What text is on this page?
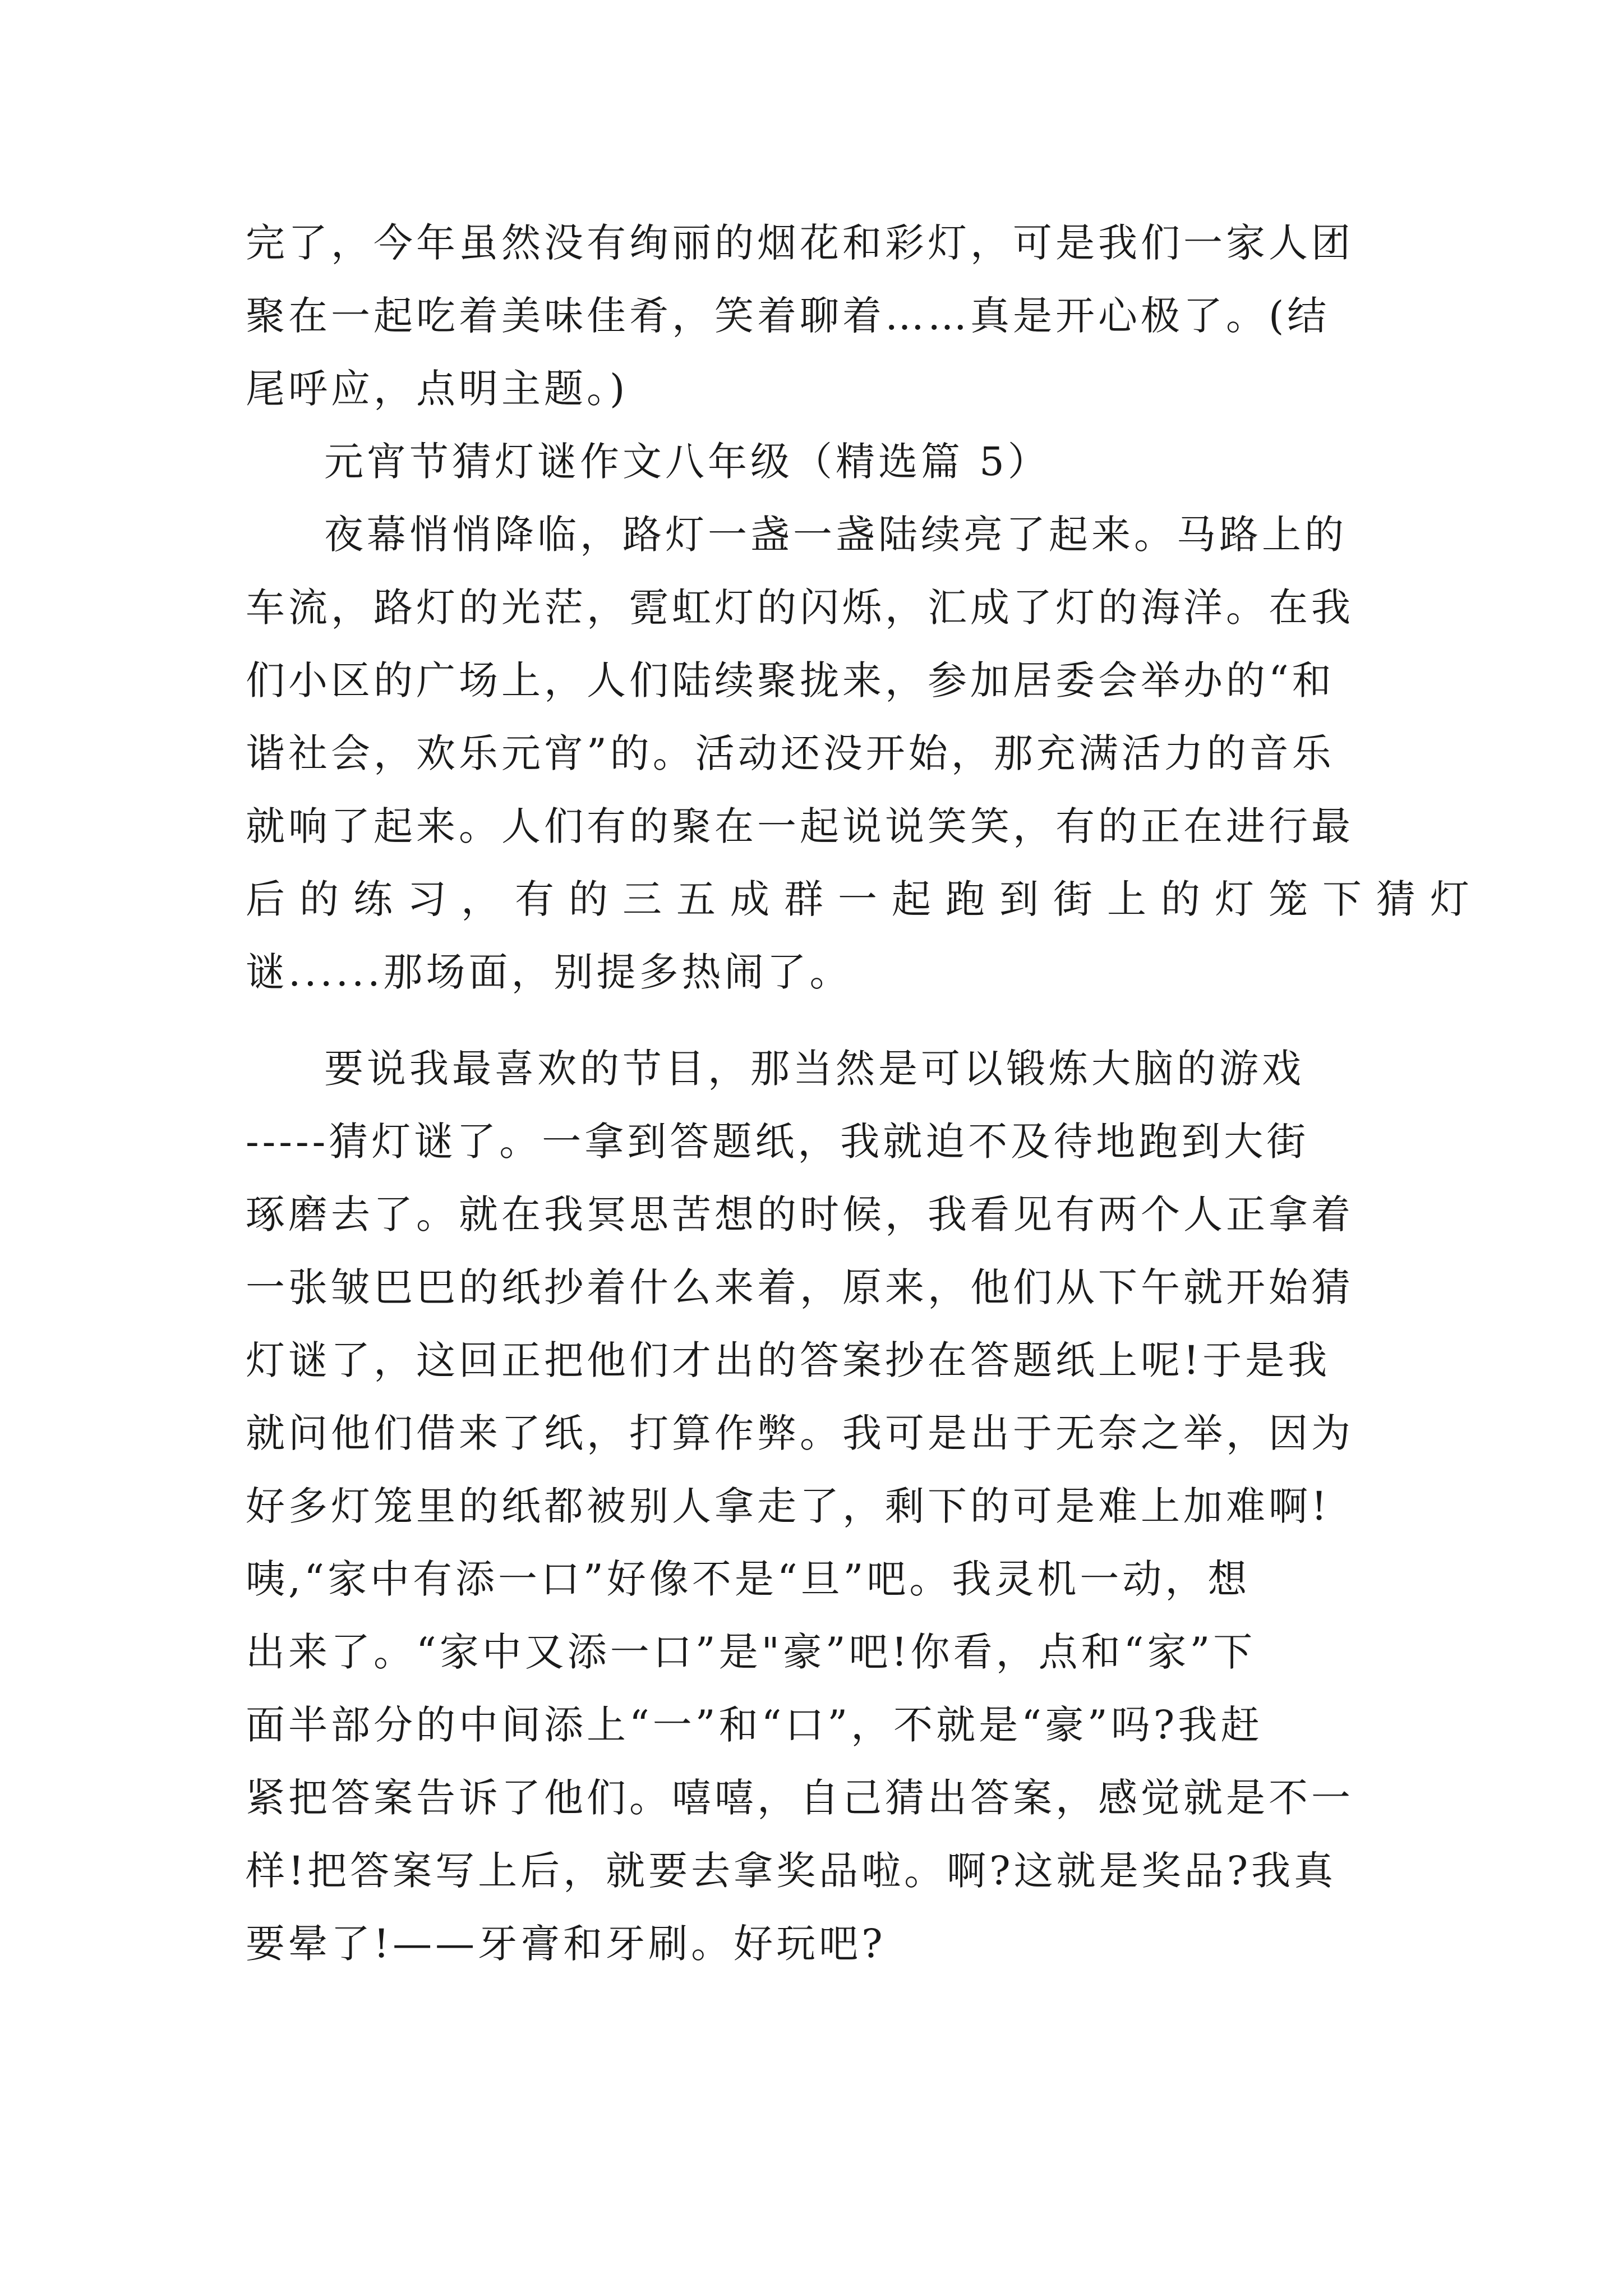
完了，今年虽然没有绚丽的烟花和彩灯，可是我们一家人团
聚在一起吃着美味佳肴，笑着聊着……真是开心极了。(结
尾呼应，点明主题。)
元宵节猜灯谜作文八年级（精选篇 5）
夜幕悄悄降临，路灯一盏一盏陆续亮了起来。马路上的
车流，路灯的光茫，霓虹灯的闪烁，汇成了灯的海洋。在我
们小区的广场上，人们陆续聚拢来，参加居委会举办的“和
谐社会，欢乐元宵”的。活动还没开始，那充满活力的音乐
就响了起来。人们有的聚在一起说说笑笑，有的正在进行最
后的练习，有的三五成群一起跑到街上的灯笼下猜灯
谜......那场面，别提多热闹了。
要说我最喜欢的节目，那当然是可以锻炼大脑的游戏
-----猜灯谜了。一拿到答题纸，我就迫不及待地跑到大街
琢磨去了。就在我冥思苦想的时候，我看见有两个人正拿着
一张皱巴巴的纸抄着什么来着，原来，他们从下午就开始猜
灯谜了，这回正把他们才出的答案抄在答题纸上呢!于是我
就问他们借来了纸，打算作弊。我可是出于无奈之举，因为
好多灯笼里的纸都被别人拿走了，剩下的可是难上加难啊!
咦,“家中有添一口”好像不是“旦”吧。我灵机一动，想
出来了。“家中又添一口”是"豪”吧!你看，点和“家”下
面半部分的中间添上“一”和“口”，不就是“豪”吗?我赶
紧把答案告诉了他们。嘻嘻，自己猜出答案，感觉就是不一
样!把答案写上后，就要去拿奖品啦。啊?这就是奖品?我真
要晕了!——牙膏和牙刷。好玩吧?
